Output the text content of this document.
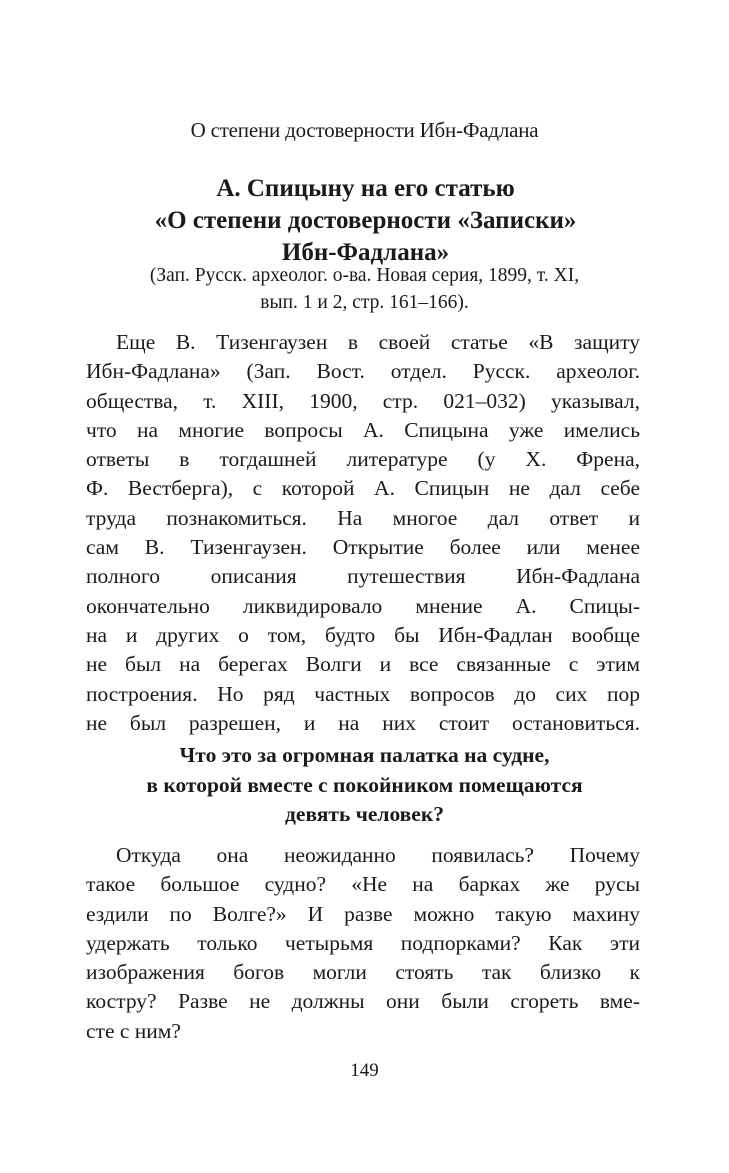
О степени достоверности Ибн-Фадлана
А. Спицыну на его статью
«О степени достоверности «Записки»
Ибн-Фадлана»
(Зап. Русск. археолог. о-ва. Новая серия, 1899, т. XI,
вып. 1 и 2, стр. 161–166).

Еще В. Тизенгаузен в своей статье «В защиту
Ибн-Фадлана» (Зап. Вост. отдел. Русск. археолог.
общества, т. XIII, 1900, стр. 021–032) указывал,
что на многие вопросы А. Спицына уже имелись
ответы в тогдашней литературе (у Х. Френа,
Ф. Вестберга), с которой А. Спицын не дал себе
труда познакомиться. На многое дал ответ и
сам В. Тизенгаузен. Открытие более или менее
полного описания путешествия Ибн-Фадлана
окончательно ликвидировало мнение А. Спицы-
на и других о том, будто бы Ибн-Фадлан вообще
не был на берегах Волги и все связанные с этим
построения. Но ряд частных вопросов до сих пор
не был разрешен, и на них стоит остановиться.

Что это за огромная палатка на судне,
в которой вместе с покойником помещаются
девять человек?

Откуда она неожиданно появилась? Почему
такое большое судно? «Не на барках же русы
ездили по Волге?» И разве можно такую махину
удержать только четырьмя подпорками? Как эти
изображения богов могли стоять так близко к
костру? Разве не должны они были сгореть вме-
сте с ним?

149
